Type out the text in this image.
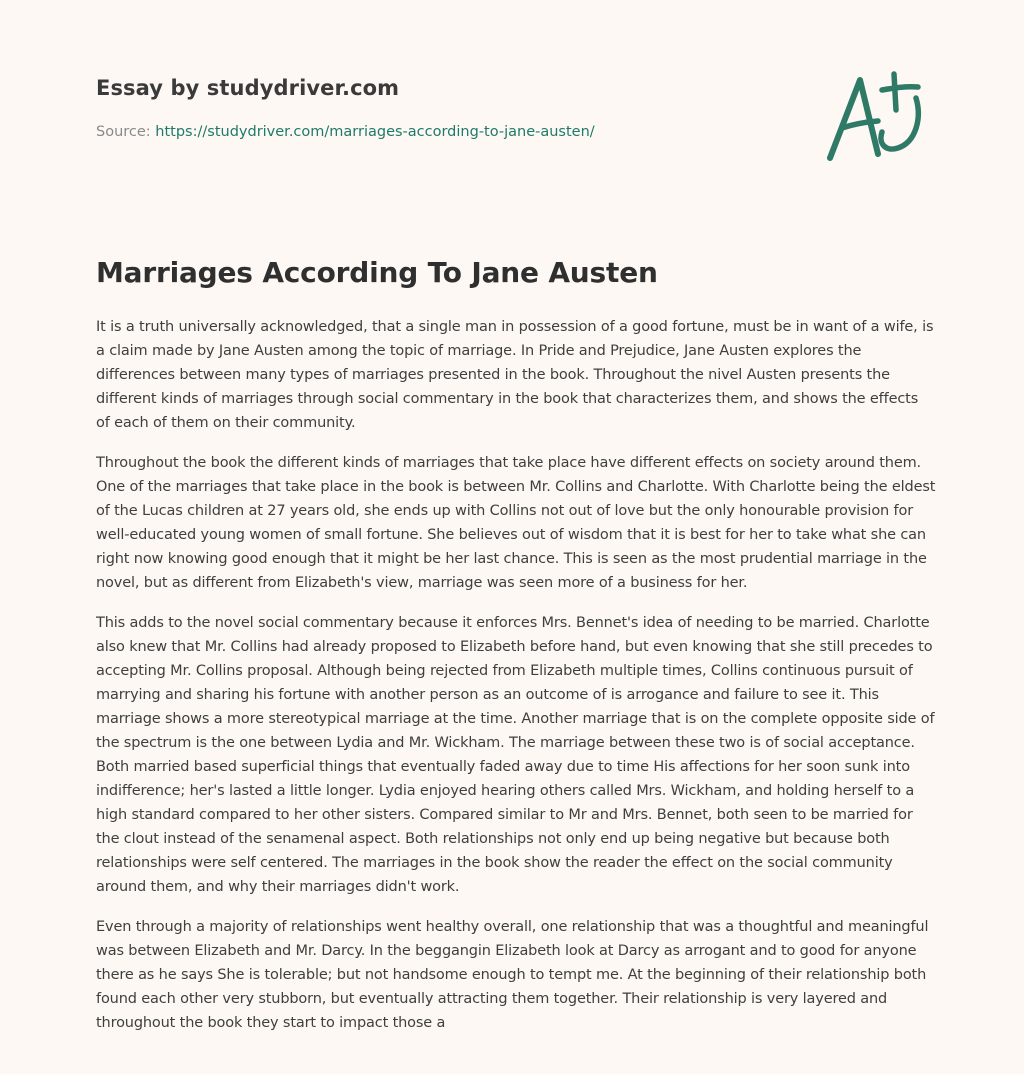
Essay by studydriver.com
Source: https://studydriver.com/marriages-according-to-jane-austen/
Marriages According To Jane Austen

It is a truth universally acknowledged, that a single man in possession of a good fortune, must be in want of a wife, is a claim made by Jane Austen among the topic of marriage. In Pride and Prejudice, Jane Austen explores the differences between many types of marriages presented in the book. Throughout the nivel Austen presents the different kinds of marriages through social commentary in the book that characterizes them, and shows the effects of each of them on their community.

Throughout the book the different kinds of marriages that take place have different effects on society around them. One of the marriages that take place in the book is between Mr. Collins and Charlotte. With Charlotte being the eldest of the Lucas children at 27 years old, she ends up with Collins not out of love but the only honourable provision for well-educated young women of small fortune. She believes out of wisdom that it is best for her to take what she can right now knowing good enough that it might be her last chance. This is seen as the most prudential marriage in the novel, but as different from Elizabeth's view, marriage was seen more of a business for her.

This adds to the novel social commentary because it enforces Mrs. Bennet's idea of needing to be married. Charlotte also knew that Mr. Collins had already proposed to Elizabeth before hand, but even knowing that she still precedes to accepting Mr. Collins proposal. Although being rejected from Elizabeth multiple times, Collins continuous pursuit of marrying and sharing his fortune with another person as an outcome of is arrogance and failure to see it. This marriage shows a more stereotypical marriage at the time. Another marriage that is on the complete opposite side of the spectrum is the one between Lydia and Mr. Wickham. The marriage between these two is of social acceptance. Both married based superficial things that eventually faded away due to time His affections for her soon sunk into indifference; her's lasted a little longer. Lydia enjoyed hearing others called Mrs. Wickham, and holding herself to a high standard compared to her other sisters. Compared similar to Mr and Mrs. Bennet, both seen to be married for the clout instead of the senamenal aspect. Both relationships not only end up being negative but because both relationships were self centered. The marriages in the book show the reader the effect on the social community around them, and why their marriages didn't work.

Even through a majority of relationships went healthy overall, one relationship that was a thoughtful and meaningful was between Elizabeth and Mr. Darcy. In the beggangin Elizabeth look at Darcy as arrogant and to good for anyone there as he says She is tolerable; but not handsome enough to tempt me. At the beginning of their relationship both found each other very stubborn, but eventually attracting them together. Their relationship is very layered and throughout the book they start to impact those a
